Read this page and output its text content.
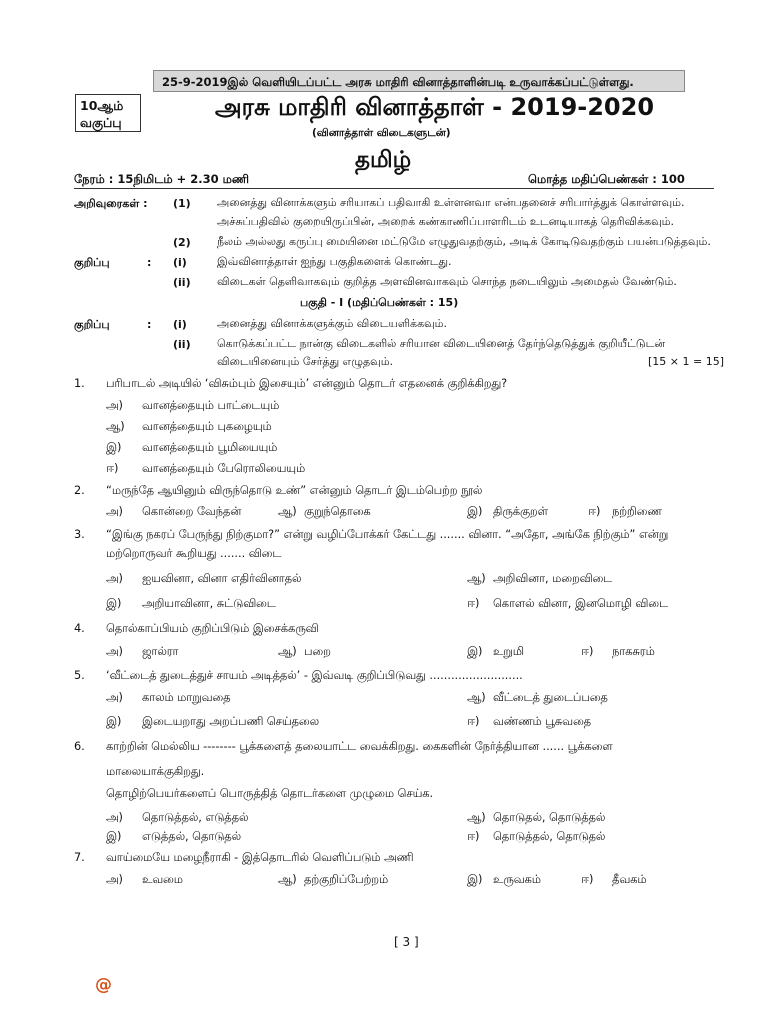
25-9-2019இல் வெளியிடப்பட்ட அரசு மாதிரி வினாத்தாளின்படி உருவாக்கப்பட்டுள்ளது.
10ஆம்
வகுப்பு
அரசு மாதிரி வினாத்தாள் - 2019-2020
(வினாத்தாள் விடைகளுடன்)
தமிழ்
நேரம் : 15நிமிடம் + 2.30 மணி	மொத்த மதிப்பெண்கள் : 100
அறிவுரைகள் : (1) அனைத்து வினாக்களும் சரியாகப் பதிவாகி உள்ளனவா என்பதனைச் சரிபார்த்துக் கொள்ளவும்.
அச்சுப்பதிவில் குறையிருப்பின், அறைக் கண்காணிப்பாளரிடம் உடனடியாகத் தெரிவிக்கவும்.
(2) நீலம் அல்லது கருப்பு மையினை மட்டுமே எழுதுவதற்கும், அடிக் கோடிடுவதற்கும் பயன்படுத்தவும்.
குறிப்பு	: (i)	இவ்வினாத்தாள் ஐந்து பகுதிகளைக் கொண்டது.
(ii) விடைகள் தெளிவாகவும் குறித்த அளவினவாகவும் சொந்த நடையிலும் அமைதல் வேண்டும்.
பகுதி - I (மதிப்பெண்கள் : 15)
குறிப்பு	: (i)	அனைத்து வினாக்களுக்கும் விடையளிக்கவும்.
(ii) கொடுக்கப்பட்ட நான்கு விடைகளில் சரியான விடையினைத் தேர்ந்தெடுத்துக் குறியீட்டுடன்
விடையினையும் சேர்த்து எழுதவும்.	[15 × 1 = 15]
1. பரிபாடல் அடியில் ‘விசும்பும் இசையும்’ என்னும் தொடர் எதனைக் குறிக்கிறது?
அ) வானத்தையும் பாட்டையும்
ஆ) வானத்தையும் புகழையும்
இ) வானத்தையும் பூமியையும்
ஈ) வானத்தையும் பேரொலியையும்
2. “மருந்தே ஆயினும் விருந்தொடு உண்” என்னும் தொடர் இடம்பெற்ற நூல்
அ) கொன்றை வேந்தன்	ஆ) குறுந்தொகை	இ) திருக்குறள்	ஈ) நற்றிணை
3. “இங்கு நகரப் பேருந்து நிற்குமா?” என்று வழிப்போக்கர் கேட்டது ....... வினா. “அதோ, அங்கே நிற்கும்” என்று
மற்றொருவர் கூறியது ....... விடை
அ) ஐயவினா, வினா எதிர்வினாதல்	ஆ) அறிவினா, மறைவிடை
இ) அறியாவினா, சுட்டுவிடை	ஈ) கொளல் வினா, இனமொழி விடை
4. தொல்காப்பியம் குறிப்பிடும் இசைக்கருவி
அ) ஜால்ரா	ஆ) பறை	இ) உறுமி	ஈ) நாகசுரம்
5. ‘வீட்டைத் துடைத்துச் சாயம் அடித்தல்’ - இவ்வடி குறிப்பிடுவது ..........................
அ) காலம் மாறுவதை	ஆ) வீட்டைத் துடைப்பதை
இ) இடையறாது அறப்பணி செய்தலை	ஈ) வண்ணம் பூசுவதை
6. காற்றின் மெல்லிய -------- பூக்களைத் தலையாட்ட வைக்கிறது. கைகளின் நேர்த்தியான ...... பூக்களை
மாலையாக்குகிறது.
தொழிற்பெயர்களைப் பொருத்தித் தொடர்களை முழுமை செய்க.
அ) தொடுத்தல், எடுத்தல்	ஆ) தொடுதல், தொடுத்தல்
இ) எடுத்தல், தொடுதல்	ஈ) தொடுத்தல், தொடுதல்
7. வாய்மையே மழைநீராகி - இத்தொடரில் வெளிப்படும் அணி
அ) உவமை	ஆ) தற்குறிப்பேற்றம்	இ) உருவகம்	ஈ) தீவகம்
[ 3 ]
@
